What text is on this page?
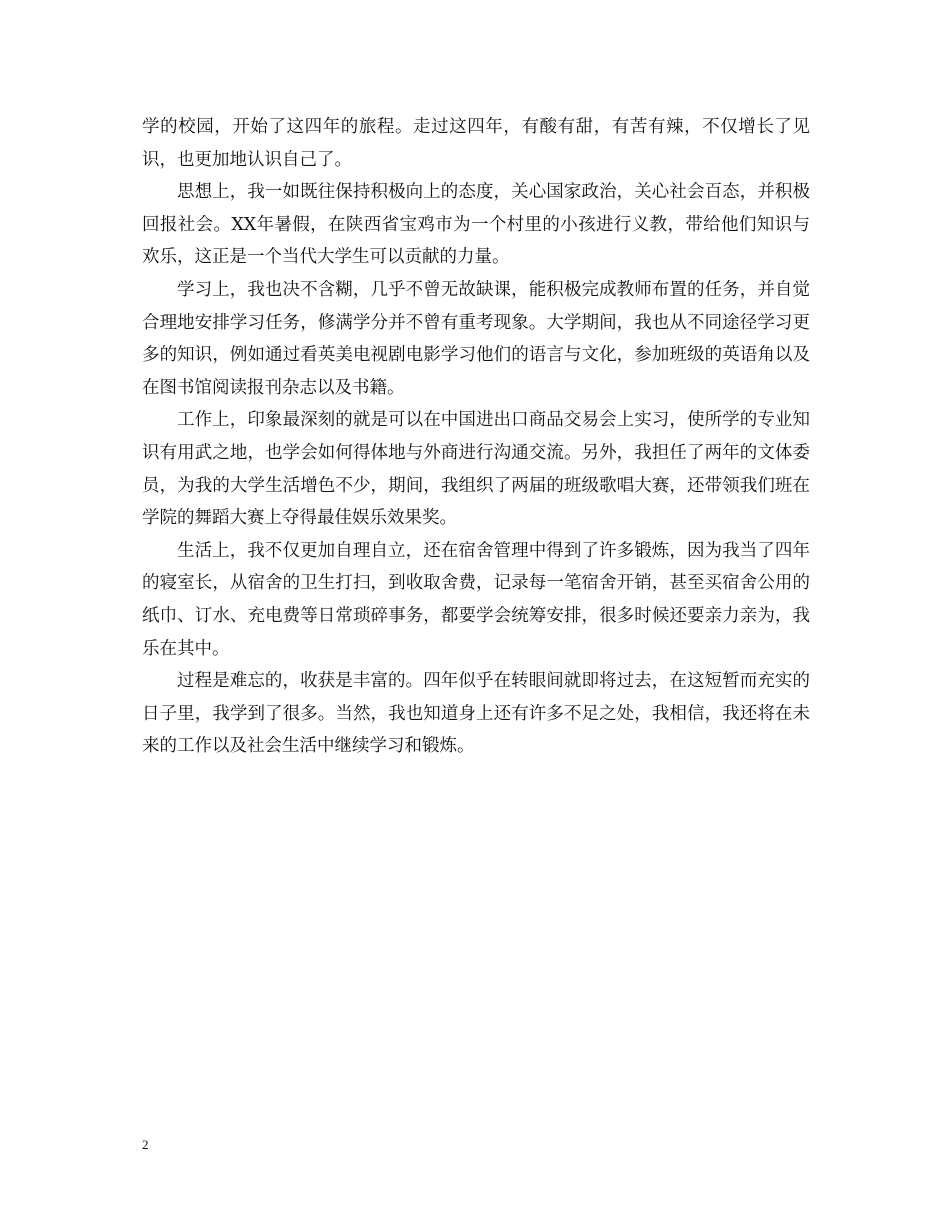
学的校园，开始了这四年的旅程。走过这四年，有酸有甜，有苦有辣，不仅增长了见识，也更加地认识自己了。

思想上，我一如既往保持积极向上的态度，关心国家政治，关心社会百态，并积极回报社会。XX年暑假，在陕西省宝鸡市为一个村里的小孩进行义教，带给他们知识与欢乐，这正是一个当代大学生可以贡献的力量。

学习上，我也决不含糊，几乎不曾无故缺课，能积极完成教师布置的任务，并自觉合理地安排学习任务，修满学分并不曾有重考现象。大学期间，我也从不同途径学习更多的知识，例如通过看英美电视剧电影学习他们的语言与文化，参加班级的英语角以及在图书馆阅读报刊杂志以及书籍。

工作上，印象最深刻的就是可以在中国进出口商品交易会上实习，使所学的专业知识有用武之地，也学会如何得体地与外商进行沟通交流。另外，我担任了两年的文体委员，为我的大学生活增色不少，期间，我组织了两届的班级歌唱大赛，还带领我们班在学院的舞蹈大赛上夺得最佳娱乐效果奖。

生活上，我不仅更加自理自立，还在宿舍管理中得到了许多锻炼，因为我当了四年的寝室长，从宿舍的卫生打扫，到收取舍费，记录每一笔宿舍开销，甚至买宿舍公用的纸巾、订水、充电费等日常琐碎事务，都要学会统筹安排，很多时候还要亲力亲为，我乐在其中。

过程是难忘的，收获是丰富的。四年似乎在转眼间就即将过去，在这短暂而充实的日子里，我学到了很多。当然，我也知道身上还有许多不足之处，我相信，我还将在未来的工作以及社会生活中继续学习和锻炼。

2
